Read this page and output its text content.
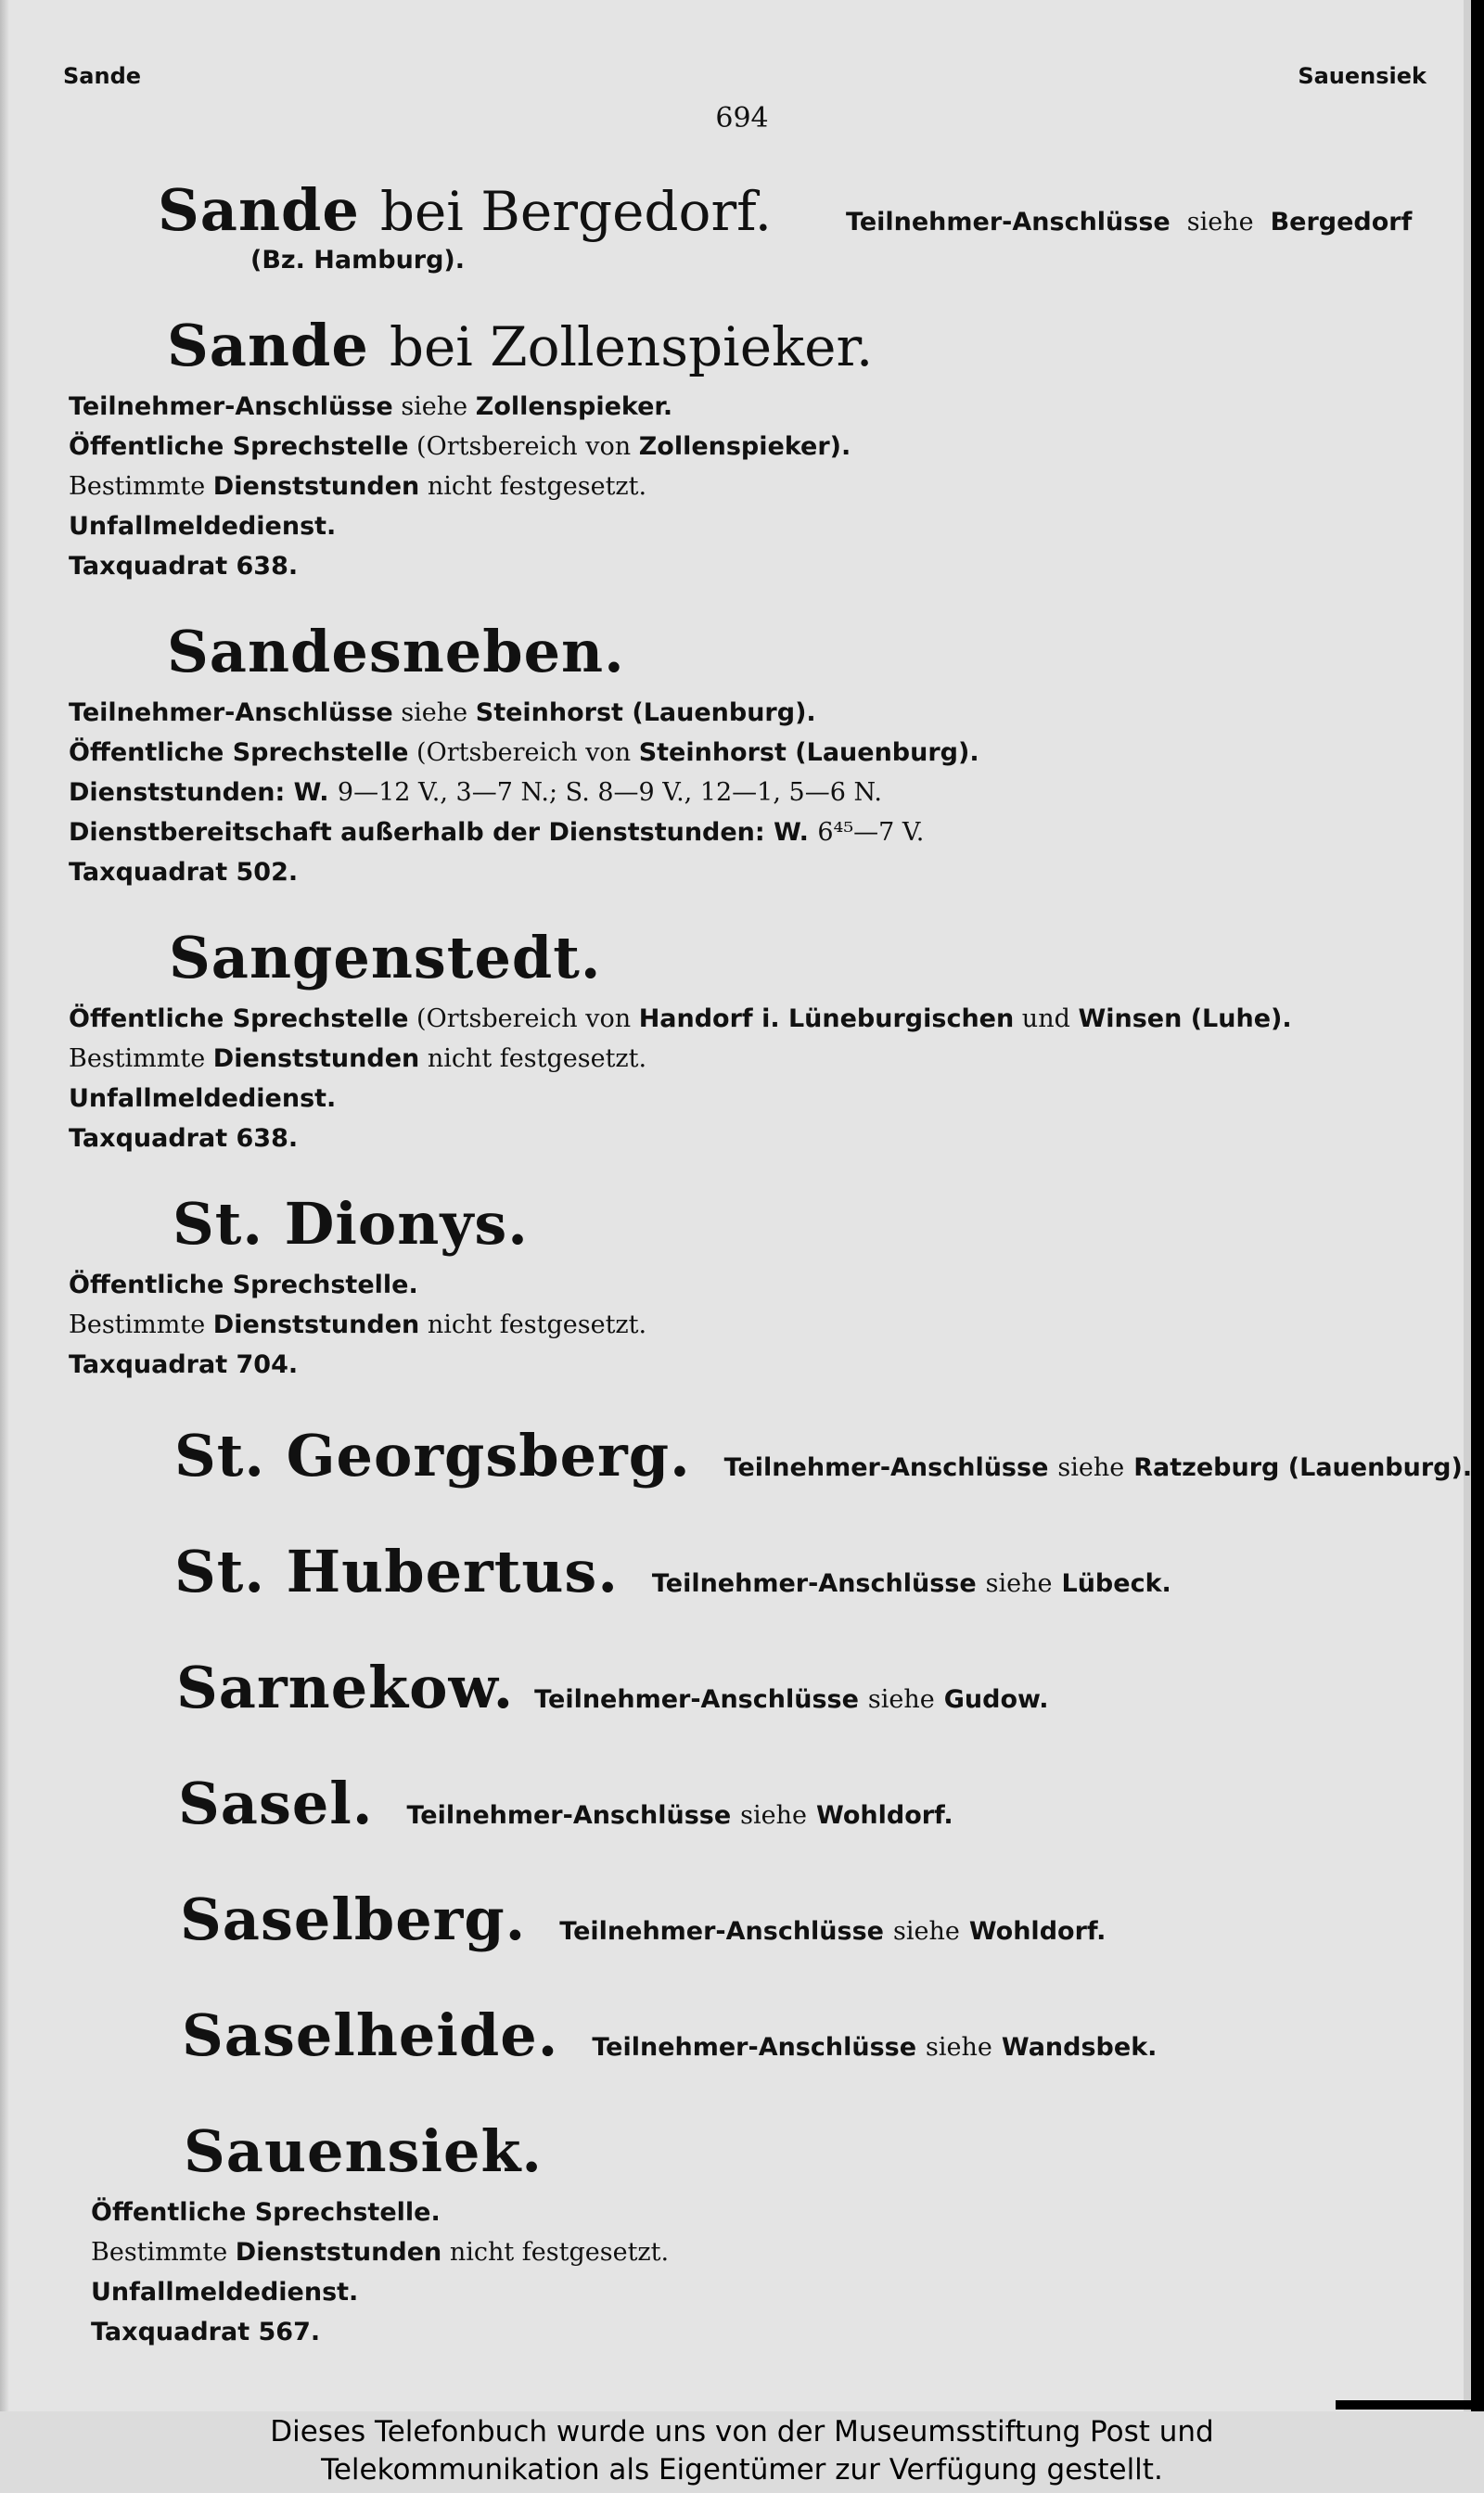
Sande	Sauensiek
694
Sande bei Bergedorf.	Teilnehmer-Anschlüsse siehe Bergedorf
(Bz. Hamburg).
Sande bei Zollenspieker.
Teilnehmer-Anschlüsse siehe Zollenspieker.
Öffentliche Sprechstelle (Ortsbereich von Zollenspieker).
Bestimmte Dienststunden nicht festgesetzt.
Unfallmeldedienst.
Taxquadrat 638.
Sandesneben.
Teilnehmer-Anschlüsse siehe Steinhorst (Lauenburg).
Öffentliche Sprechstelle (Ortsbereich von Steinhorst (Lauenburg).
Dienststunden: W. 9—12 V., 3—7 N.; S. 8—9 V., 12—1, 5—6 N.
Dienstbereitschaft außerhalb der Dienststunden: W. 6⁴⁵—7 V.
Taxquadrat 502.
Sangenstedt.
Öffentliche Sprechstelle (Ortsbereich von Handorf i. Lüneburgischen und Winsen (Luhe).
Bestimmte Dienststunden nicht festgesetzt.
Unfallmeldedienst.
Taxquadrat 638.
St. Dionys.
Öffentliche Sprechstelle.
Bestimmte Dienststunden nicht festgesetzt.
Taxquadrat 704.
St. Georgsberg. Teilnehmer-Anschlüsse siehe Ratzeburg (Lauenburg).
St. Hubertus. Teilnehmer-Anschlüsse siehe Lübeck.
Sarnekow. Teilnehmer-Anschlüsse siehe Gudow.
Sasel. Teilnehmer-Anschlüsse siehe Wohldorf.
Saselberg. Teilnehmer-Anschlüsse siehe Wohldorf.
Saselheide. Teilnehmer-Anschlüsse siehe Wandsbek.
Sauensiek.
Öffentliche Sprechstelle.
Bestimmte Dienststunden nicht festgesetzt.
Unfallmeldedienst.
Taxquadrat 567.
Dieses Telefonbuch wurde uns von der Museumsstiftung Post und
Telekommunikation als Eigentümer zur Verfügung gestellt.
